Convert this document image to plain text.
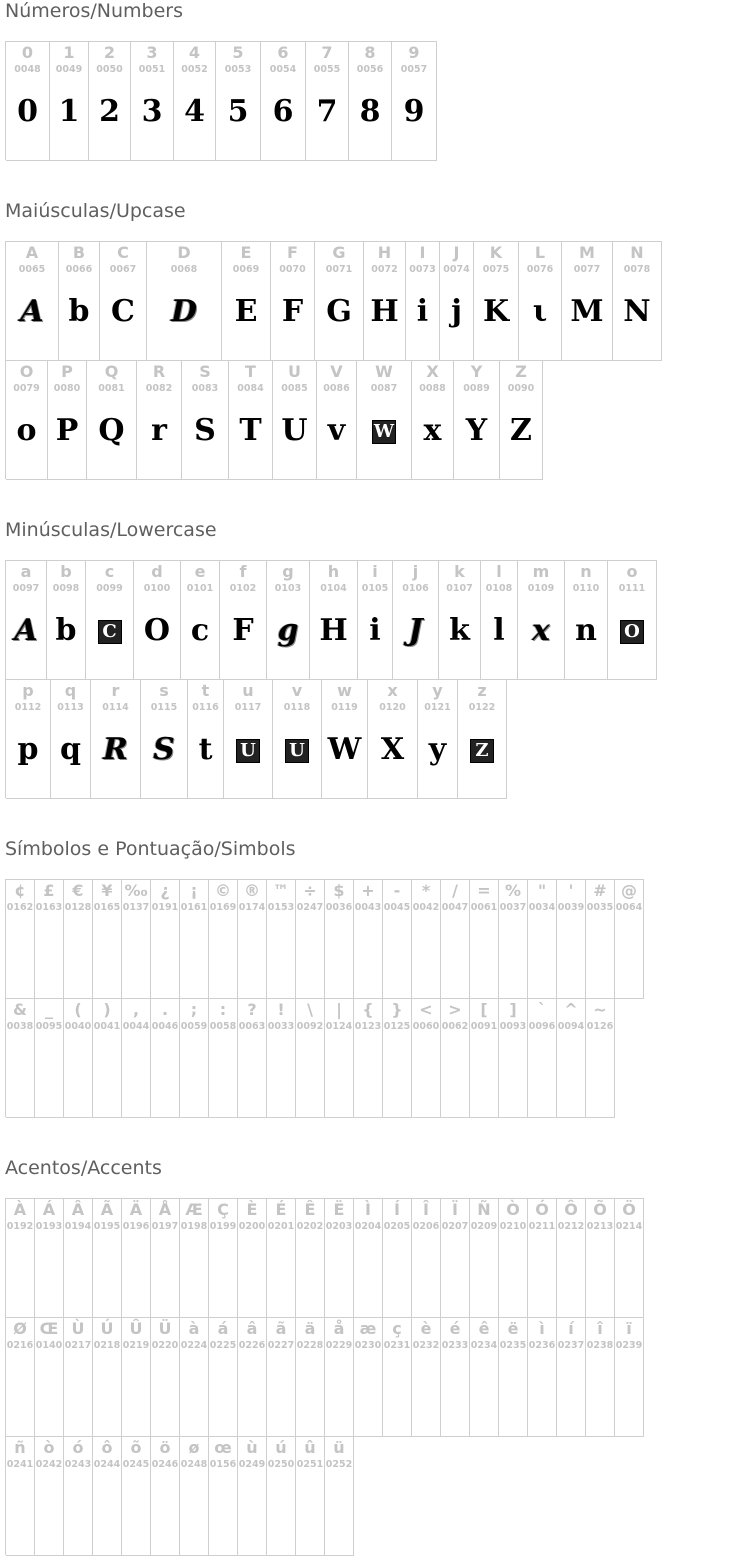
Números/Numbers
0
0048
0
1
0049
1
2
0050
2
3
0051
3
4
0052
4
5
0053
5
6
0054
6
7
0055
7
8
0056
8
9
0057
9
Maiúsculas/Upcase
A
0065
A
B
0066
b
C
0067
C
D
0068
D
E
0069
E
F
0070
F
G
0071
G
H
0072
H
I
0073
i
J
0074
j
K
0075
K
L
0076
ι
M
0077
M
N
0078
N
O
0079
o
P
0080
P
Q
0081
Q
R
0082
r
S
0083
S
T
0084
T
U
0085
U
V
0086
v
W
0087
W
X
0088
x
Y
0089
Y
Z
0090
Z
Minúsculas/Lowercase
a
0097
A
b
0098
b
c
0099
C
d
0100
O
e
0101
c
f
0102
F
g
0103
g
h
0104
H
i
0105
i
j
0106
J
k
0107
k
l
0108
l
m
0109
x
n
0110
n
o
0111
O
p
0112
p
q
0113
q
r
0114
R
s
0115
S
t
0116
t
u
0117
U
v
0118
U
w
0119
W
x
0120
X
y
0121
y
z
0122
Z
Símbolos e Pontuação/Simbols
¢
0162
£
0163
€
0128
¥
0165
‰
0137
¿
0191
¡
0161
©
0169
®
0174
™
0153
÷
0247
$
0036
+
0043
-
0045
*
0042
/
0047
=
0061
%
0037
"
0034
'
0039
#
0035
@
0064
&
0038
_
0095
(
0040
)
0041
,
0044
.
0046
;
0059
:
0058
?
0063
!
0033
\
0092
|
0124
{
0123
}
0125
<
0060
>
0062
[
0091
]
0093
`
0096
^
0094
~
0126
Acentos/Accents
À
0192
Á
0193
Â
0194
Ã
0195
Ä
0196
Å
0197
Æ
0198
Ç
0199
È
0200
É
0201
Ê
0202
Ë
0203
Ì
0204
Í
0205
Î
0206
Ï
0207
Ñ
0209
Ò
0210
Ó
0211
Ô
0212
Õ
0213
Ö
0214
Ø
0216
Œ
0140
Ù
0217
Ú
0218
Û
0219
Ü
0220
à
0224
á
0225
â
0226
ã
0227
ä
0228
å
0229
æ
0230
ç
0231
è
0232
é
0233
ê
0234
ë
0235
ì
0236
í
0237
î
0238
ï
0239
ñ
0241
ò
0242
ó
0243
ô
0244
õ
0245
ö
0246
ø
0248
œ
0156
ù
0249
ú
0250
û
0251
ü
0252
